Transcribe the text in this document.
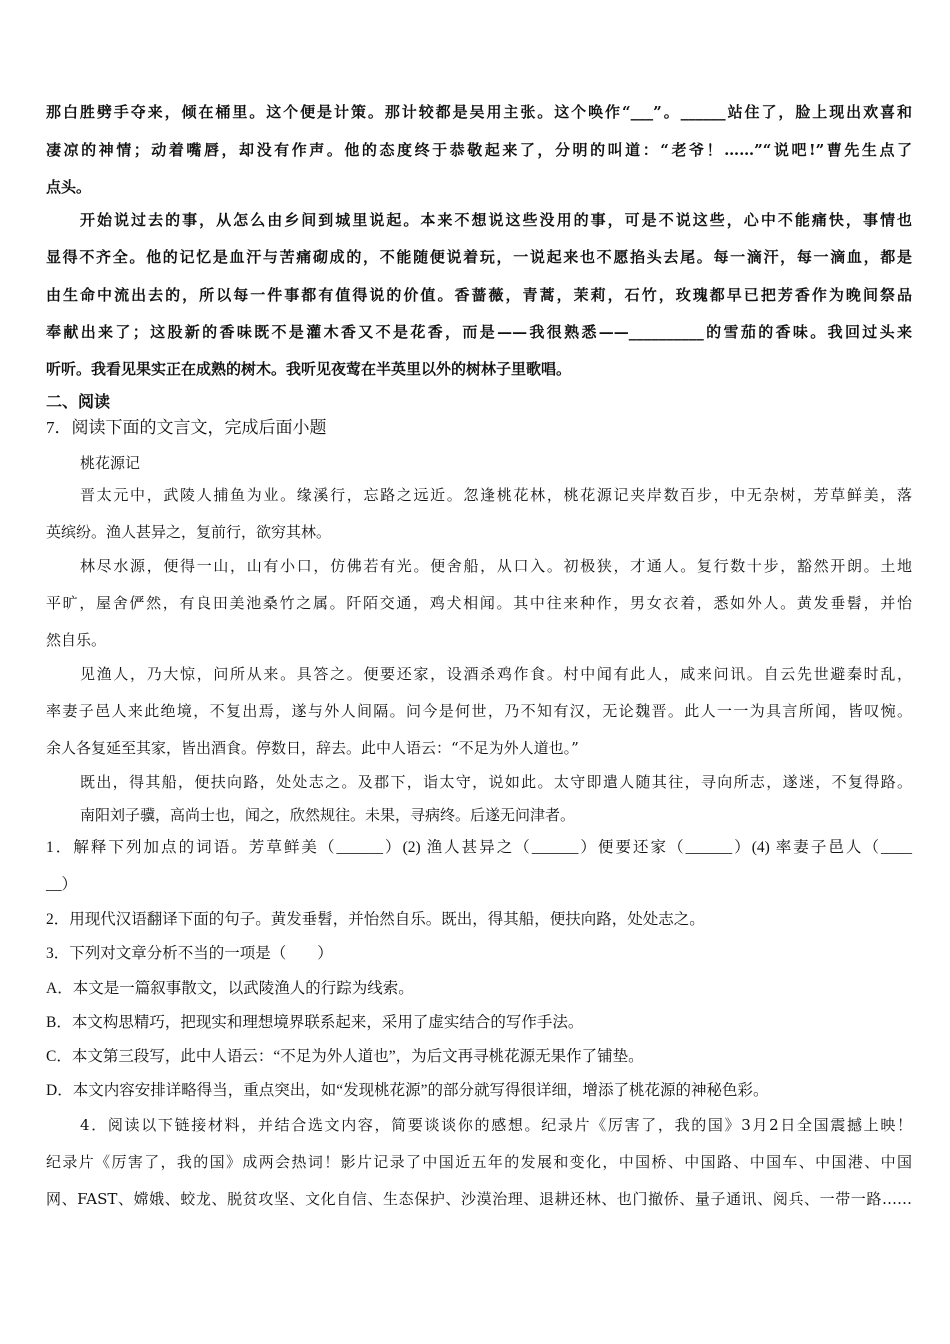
那白胜劈手夺来，倾在桶里。这个便是计策。那计较都是吴用主张。这个唤作“___”。______站住了，脸上现出欢喜和

凄凉的神情；动着嘴唇，却没有作声。他的态度终于恭敬起来了，分明的叫道：“老爷！……”“说吧!”曹先生点了

点头。

开始说过去的事，从怎么由乡间到城里说起。本来不想说这些没用的事，可是不说这些，心中不能痛快，事情也

显得不齐全。他的记忆是血汗与苦痛砌成的，不能随便说着玩，一说起来也不愿掐头去尾。每一滴汗，每一滴血，都是

由生命中流出去的，所以每一件事都有值得说的价值。香蔷薇，青蒿，茉莉，石竹，玫瑰都早已把芳香作为晚间祭品

奉献出来了；这股新的香味既不是灌木香又不是花香，而是——我很熟悉——__________的雪茄的香味。我回过头来

听听。我看见果实正在成熟的树木。我听见夜莺在半英里以外的树林子里歌唱。

二、阅读

7．阅读下面的文言文，完成后面小题

桃花源记

晋太元中，武陵人捕鱼为业。缘溪行，忘路之远近。忽逢桃花林，桃花源记夹岸数百步，中无杂树，芳草鲜美，落

英缤纷。渔人甚异之，复前行，欲穷其林。

林尽水源，便得一山，山有小口，仿佛若有光。便舍船，从口入。初极狭，才通人。复行数十步，豁然开朗。土地

平旷，屋舍俨然，有良田美池桑竹之属。阡陌交通，鸡犬相闻。其中往来种作，男女衣着，悉如外人。黄发垂髫，并怡

然自乐。

见渔人，乃大惊，问所从来。具答之。便要还家，设酒杀鸡作食。村中闻有此人，咸来问讯。自云先世避秦时乱，

率妻子邑人来此绝境，不复出焉，遂与外人间隔。问今是何世，乃不知有汉，无论魏晋。此人一一为具言所闻，皆叹惋。

余人各复延至其家，皆出酒食。停数日，辞去。此中人语云：“不足为外人道也。”

既出，得其船，便扶向路，处处志之。及郡下，诣太守，说如此。太守即遣人随其往，寻向所志，遂迷，不复得路。

南阳刘子骥，高尚士也，闻之，欣然规往。未果，寻病终。后遂无问津者。

1．解释下列加点的词语。芳草鲜美（______）(2) 渔人甚异之（______）便要还家（______）(4) 率妻子邑人（____

__）

2．用现代汉语翻译下面的句子。黄发垂髫，并怡然自乐。既出，得其船，便扶向路，处处志之。

3．下列对文章分析不当的一项是（　　）

A．本文是一篇叙事散文，以武陵渔人的行踪为线索。

B．本文构思精巧，把现实和理想境界联系起来，采用了虚实结合的写作手法。

C．本文第三段写，此中人语云：“不足为外人道也”，为后文再寻桃花源无果作了铺垫。

D．本文内容安排详略得当，重点突出，如“发现桃花源”的部分就写得很详细，增添了桃花源的神秘色彩。

4．阅读以下链接材料，并结合选文内容，简要谈谈你的感想。纪录片《厉害了，我的国》3月2日全国震撼上映！

纪录片《厉害了，我的国》成两会热词！影片记录了中国近五年的发展和变化，中国桥、中国路、中国车、中国港、中国

网、FAST、嫦娥、蛟龙、脱贫攻坚、文化自信、生态保护、沙漠治理、退耕还林、也门撤侨、量子通讯、阅兵、一带一路……
